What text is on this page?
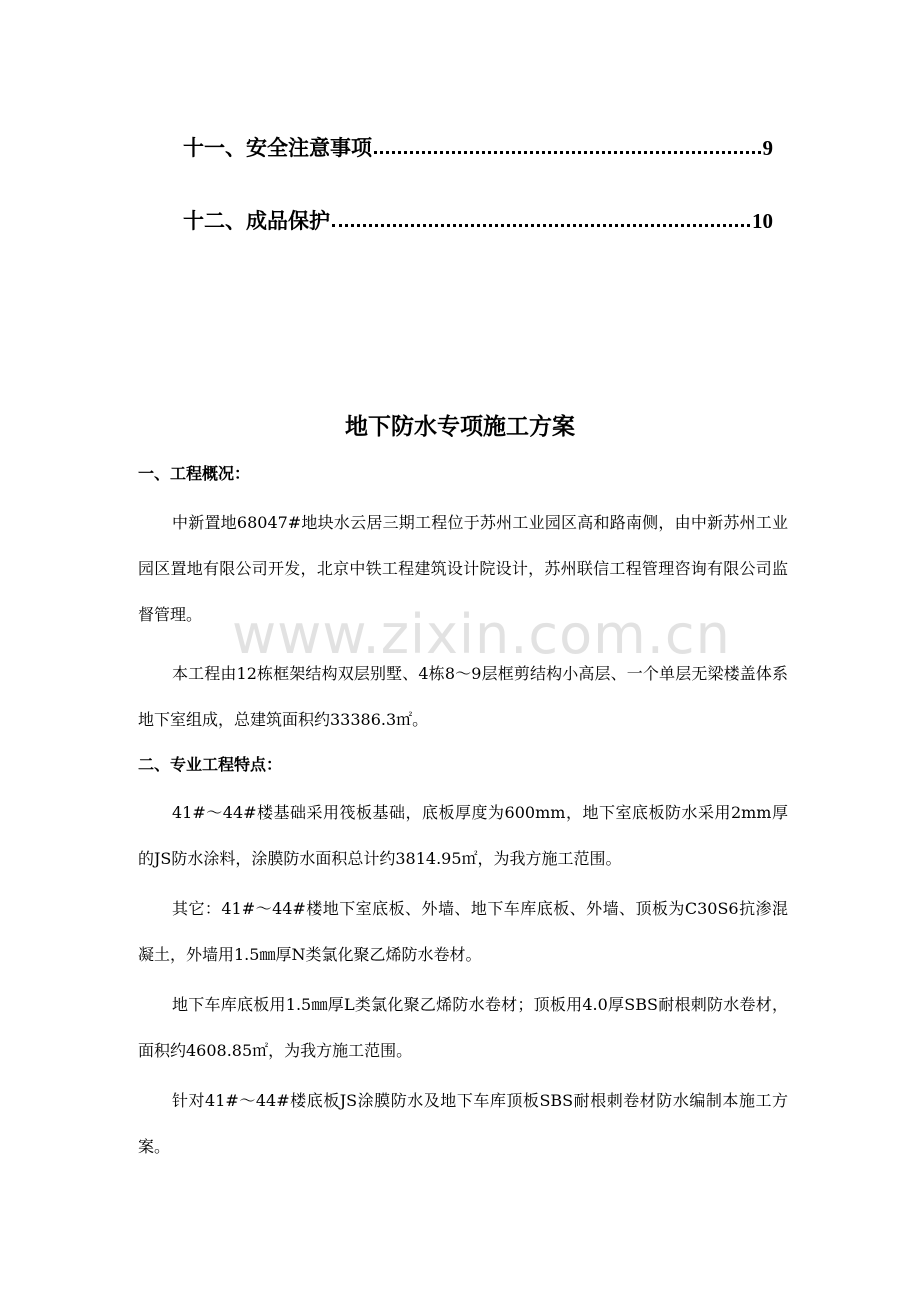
十一、安全注意事项	9
十二、成品保护	10
地下防水专项施工方案
一、工程概况：
中新置地68047#地块水云居三期工程位于苏州工业园区高和路南侧，由中新苏州工业园区置地有限公司开发，北京中铁工程建筑设计院设计，苏州联信工程管理咨询有限公司监督管理。
本工程由12栋框架结构双层别墅、4栋8～9层框剪结构小高层、一个单层无梁楼盖体系地下室组成，总建筑面积约33386.3㎡。
二、专业工程特点：
41#～44#楼基础采用筏板基础，底板厚度为600mm，地下室底板防水采用2mm厚的JS防水涂料，涂膜防水面积总计约3814.95㎡，为我方施工范围。
其它：41#～44#楼地下室底板、外墙、地下车库底板、外墙、顶板为C30S6抗渗混凝土，外墙用1.5㎜厚N类氯化聚乙烯防水卷材。
地下车库底板用1.5㎜厚L类氯化聚乙烯防水卷材；顶板用4.0厚SBS耐根刺防水卷材，面积约4608.85㎡，为我方施工范围。
针对41#～44#楼底板JS涂膜防水及地下车库顶板SBS耐根刺卷材防水编制本施工方案。
www.zixin.com.cn
